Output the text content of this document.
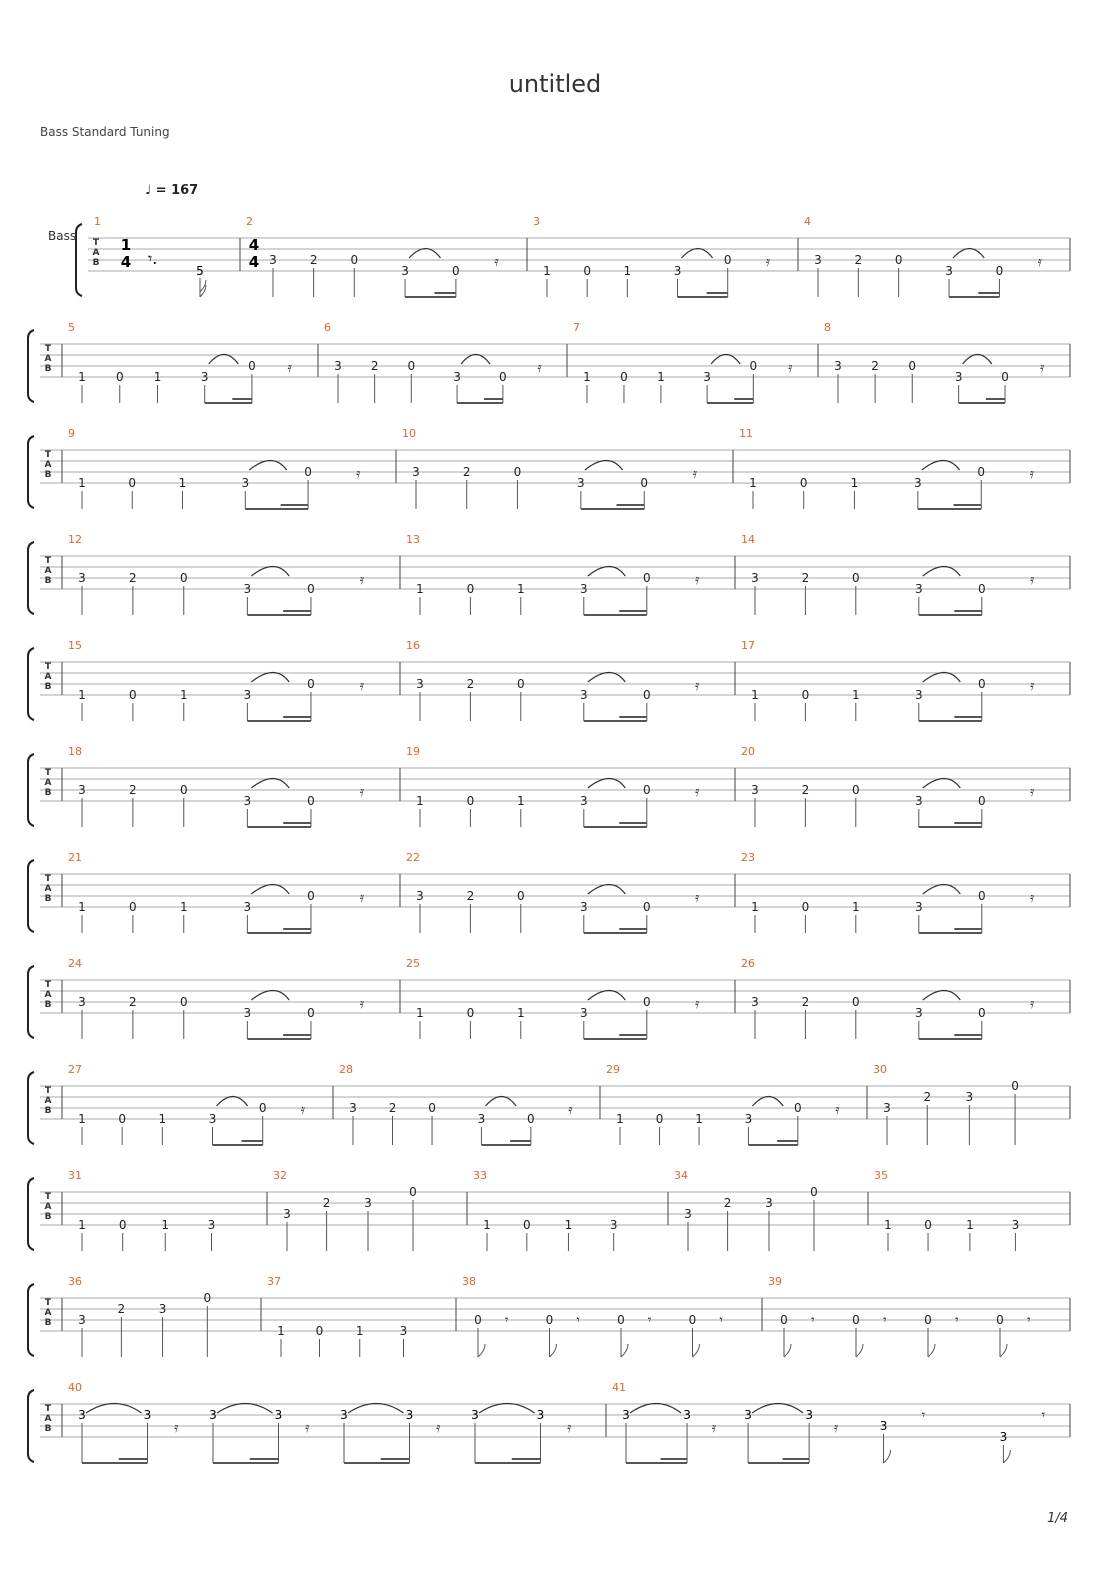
untitled
Bass Standard Tuning
1/4
Bass
♩ = 167
T
A
B
1
1
4 𝄾.
5
2
4
4 3	2	0
3	0
𝄿
3
1	0	1	3
0 𝄿
4
3	2	0
3	0
𝄿
T
A
B
5
1	0	1	3
0 𝄿
6
3 2 0
3	0
𝄿
7
1 0 1	3
0 𝄿
8
3 2 0
3	0
𝄿
T
A
B
9
1	0	1	3
0	𝄿
10
3	2	0
3	0
𝄿
11
1	0	1	3
0	𝄿
T
A
B
12
3	2	0
3	0
𝄿
13
1	0	1	3
0	𝄿
14
3	2	0
3	0
𝄿
T
A
B
15
1	0	1	3
0	𝄿
16
3	2	0
3	0
𝄿
17
1	0	1	3
0	𝄿
T
A
B
18
3	2	0
3	0
𝄿
19
1	0	1	3
0	𝄿
20
3	2	0
3	0
𝄿
T
A
B
21
1	0	1	3
0	𝄿
22
3	2	0
3	0
𝄿
23
1	0	1	3
0	𝄿
T
A
B
24
3	2	0
3	0
𝄿
25
1	0	1	3
0	𝄿
26
3	2	0
3	0
𝄿
T
A
B
27
1	0	1	3
0 𝄿
28
3	2	0
3	0
𝄿
29
1	0	1	3
0 𝄿
30
3
2	3
0
T
A
B
31
1	0	1	3
32
3
2	3
0
33
1	0	1	3
34
3
2	3
0
35
1	0	1	3
T
A
B
36
3
2	3
0
37
1	0	1	3
38
0 𝄾	0 𝄾	0 𝄾	0 𝄾
39
0 𝄾	0 𝄾	0 𝄾	0 𝄾
T
A
B
40
3	3
𝄿
3	3
𝄿
3	3
𝄿
3	3
𝄿
41
3	3
𝄿
3	3
𝄿	3
𝄾
3
𝄾
